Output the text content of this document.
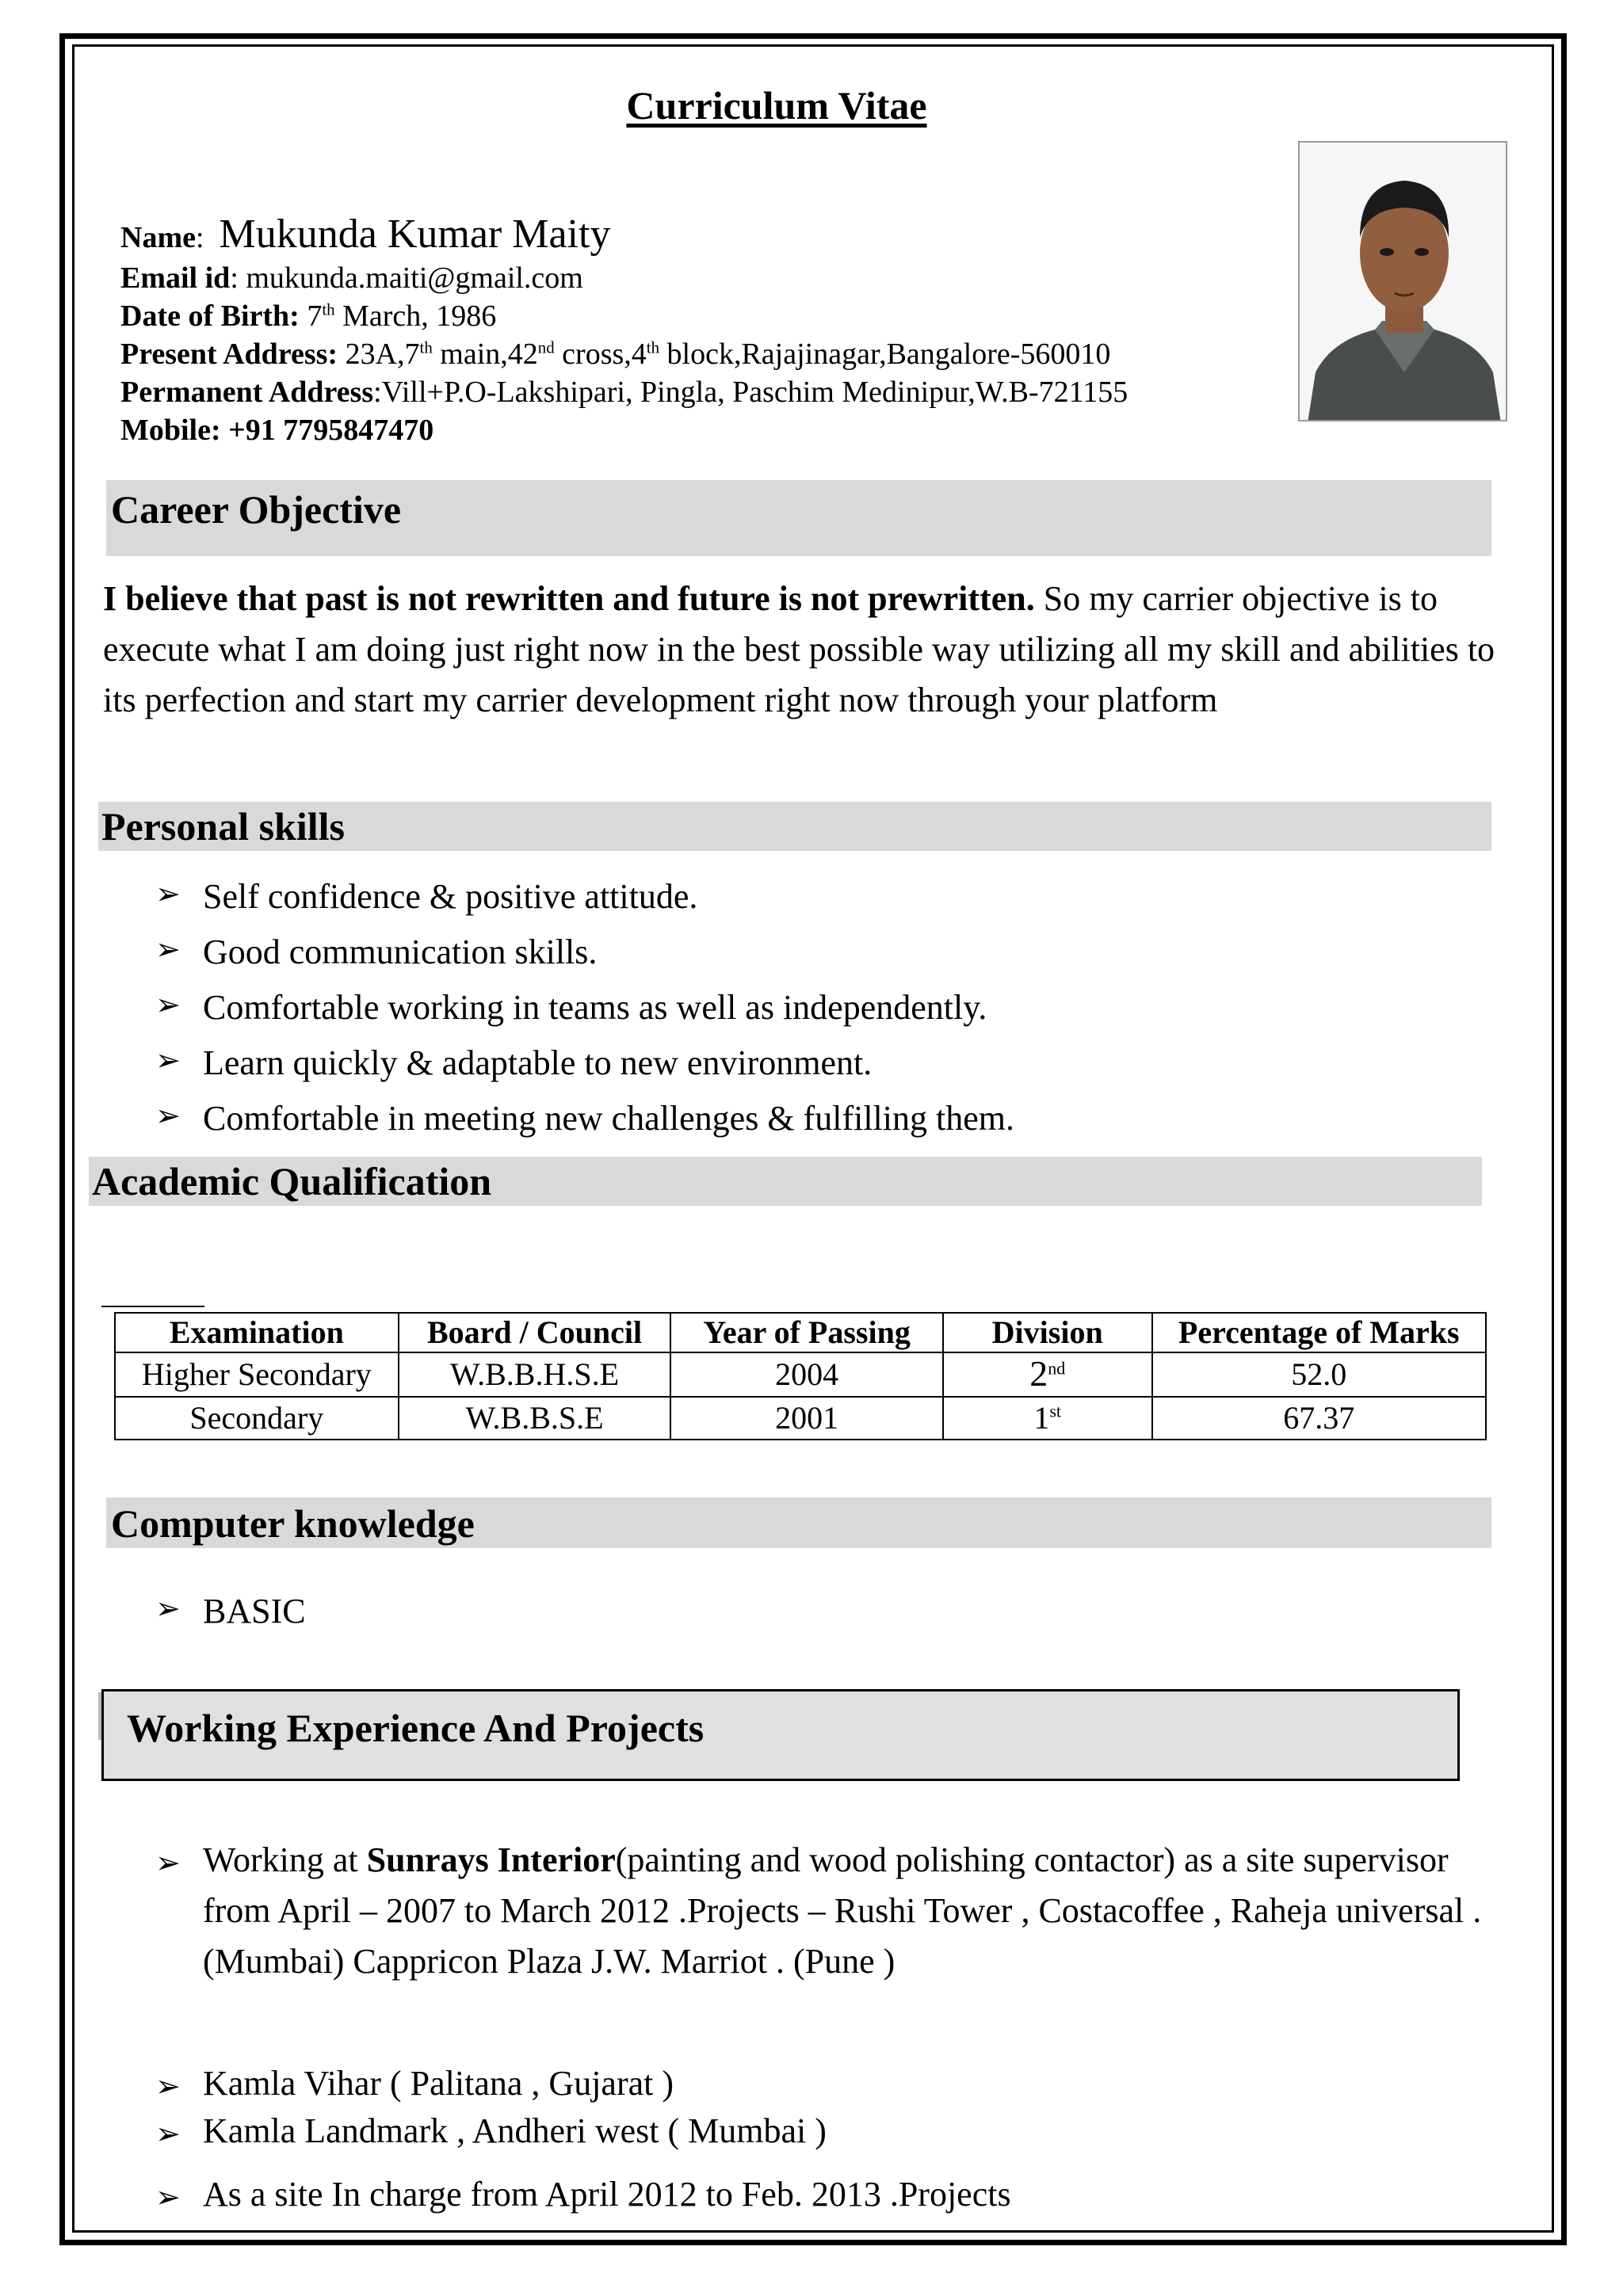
Curriculum Vitae
Name:  Mukunda Kumar Maity
Email id: mukunda.maiti@gmail.com
Date of Birth: 7th March, 1986
Present Address: 23A,7th main,42nd cross,4th block,Rajajinagar,Bangalore-560010
Permanent Address:Vill+P.O-Lakshipari, Pingla, Paschim Medinipur,W.B-721155
Mobile: +91 7795847470
Career Objective
I believe that past is not rewritten and future is not prewritten. So my carrier objective is to execute what I am doing just right now in the best possible way utilizing all my skill and abilities to its perfection and start my carrier development right now through your platform
Personal skills
➢ Self confidence & positive attitude.
➢ Good communication skills.
➢ Comfortable working in teams as well as independently.
➢ Learn quickly & adaptable to new environment.
➢ Comfortable in meeting new challenges & fulfilling them.
Academic Qualification
Examination	Board / Council	Year of Passing	Division	Percentage of Marks
Higher Secondary	W.B.B.H.S.E	2004	2nd	52.0
Secondary	W.B.B.S.E	2001	1st	67.37
Computer knowledge
➢ BASIC
Working Experience And Projects
➢ Working at Sunrays Interior(painting and wood polishing contactor) as a site supervisor from April – 2007 to March 2012 .Projects – Rushi Tower , Costacoffee , Raheja universal .(Mumbai) Cappricon Plaza J.W. Marriot . (Pune )
➢ Kamla Vihar ( Palitana , Gujarat )
➢ Kamla Landmark , Andheri west ( Mumbai )
➢ As a site In charge from April 2012 to Feb. 2013 .Projects
